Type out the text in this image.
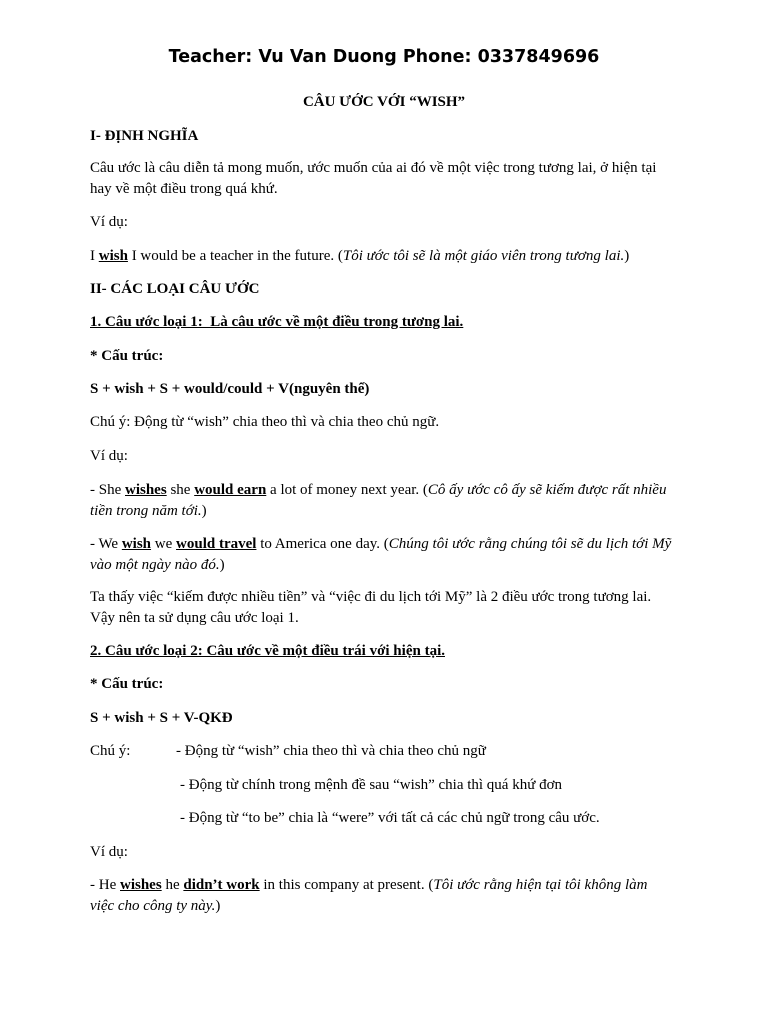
Teacher: Vu Van Duong Phone: 0337849696
CÂU ƯỚC VỚI “WISH”
I- ĐỊNH NGHĨA
Câu ước là câu diễn tả mong muốn, ước muốn của ai đó về một việc trong tương lai, ở hiện tại
hay về một điều trong quá khứ.
Ví dụ:
I wish I would be a teacher in the future. (Tôi ước tôi sẽ là một giáo viên trong tương lai.)
II- CÁC LOẠI CÂU ƯỚC
1. Câu ước loại 1:  Là câu ước về một điều trong tương lai.
* Cấu trúc:
S + wish + S + would/could + V(nguyên thể)
Chú ý: Động từ “wish” chia theo thì và chia theo chủ ngữ.
Ví dụ:
- She wishes she would earn a lot of money next year. (Cô ấy ước cô ấy sẽ kiếm được rất nhiều
tiền trong năm tới.)
- We wish we would travel to America one day. (Chúng tôi ước rằng chúng tôi sẽ du lịch tới Mỹ
vào một ngày nào đó.)
Ta thấy việc “kiếm được nhiều tiền” và “việc đi du lịch tới Mỹ” là 2 điều ước trong tương lai.
Vậy nên ta sử dụng câu ước loại 1.
2. Câu ước loại 2: Câu ước về một điều trái với hiện tại.
* Cấu trúc:
S + wish + S + V-QKĐ
Chú ý:	- Động từ “wish” chia theo thì và chia theo chủ ngữ
- Động từ chính trong mệnh đề sau “wish” chia thì quá khứ đơn
- Động từ “to be” chia là “were” với tất cả các chủ ngữ trong câu ước.
Ví dụ:
- He wishes he didn’t work in this company at present. (Tôi ước rằng hiện tại tôi không làm
việc cho công ty này.)
